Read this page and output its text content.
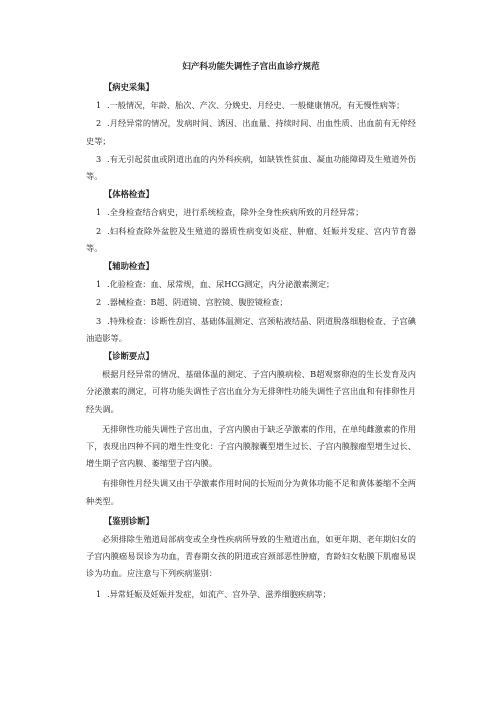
妇产科功能失调性子宫出血诊疗规范
【病史采集】
1 .一般情况，年龄、胎次、产次、分娩史、月经史、一般健康情况，有无慢性病等；
2 .月经异常的情况，发病时间、诱因、出血量、持续时间、出血性质、出血前有无停经史等；
3 .有无引起贫血或阴道出血的内外科疾病，如缺铁性贫血、凝血功能障碍及生殖道外伤等。
【体格检查】
1 .全身检查结合病史，进行系统检查，除外全身性疾病所致的月经异常；
2 .妇科检查除外盆腔及生殖道的器质性病变如炎症、肿瘤、妊娠并发症、宫内节育器等。
【辅助检查】
1 .化验检查：血、尿常规，血、尿HCG测定，内分泌激素测定；
2 .器械检查：B超、阴道镜、宫腔镜、腹腔镜检查；
3 .特殊检查：诊断性刮宫、基础体温测定、宫颈粘液结晶、阴道脱落细胞检查、子宫碘油造影等。
【诊断要点】
根据月经异常的情况、基础体温的测定、子宫内膜病检、B超观察卵泡的生长发育及内分泌激素的测定，可将功能失调性子宫出血分为无排卵性功能失调性子宫出血和有排卵性月经失调。
无排卵性功能失调性子宫出血，子宫内膜由于缺乏孕激素的作用，在单纯雌激素的作用下，表现出四种不同的增生性变化：子宫内膜腺囊型增生过长、子宫内膜腺瘤型增生过长、增生期子宫内膜、萎缩型子宫内膜。
有排卵性月经失调又由于孕激素作用时间的长短而分为黄体功能不足和黄体萎缩不全两种类型。
【鉴别诊断】
必须排除生殖道局部病变或全身性疾病所导致的生殖道出血，如更年期、老年期妇女的子宫内膜癌易误诊为功血，青春期女孩的阴道或宫颈部恶性肿瘤，育龄妇女粘膜下肌瘤易误诊为功血。应注意与下列疾病鉴别：
1 .异常妊娠及妊娠并发症，如流产、宫外孕、滋养细胞疾病等；
